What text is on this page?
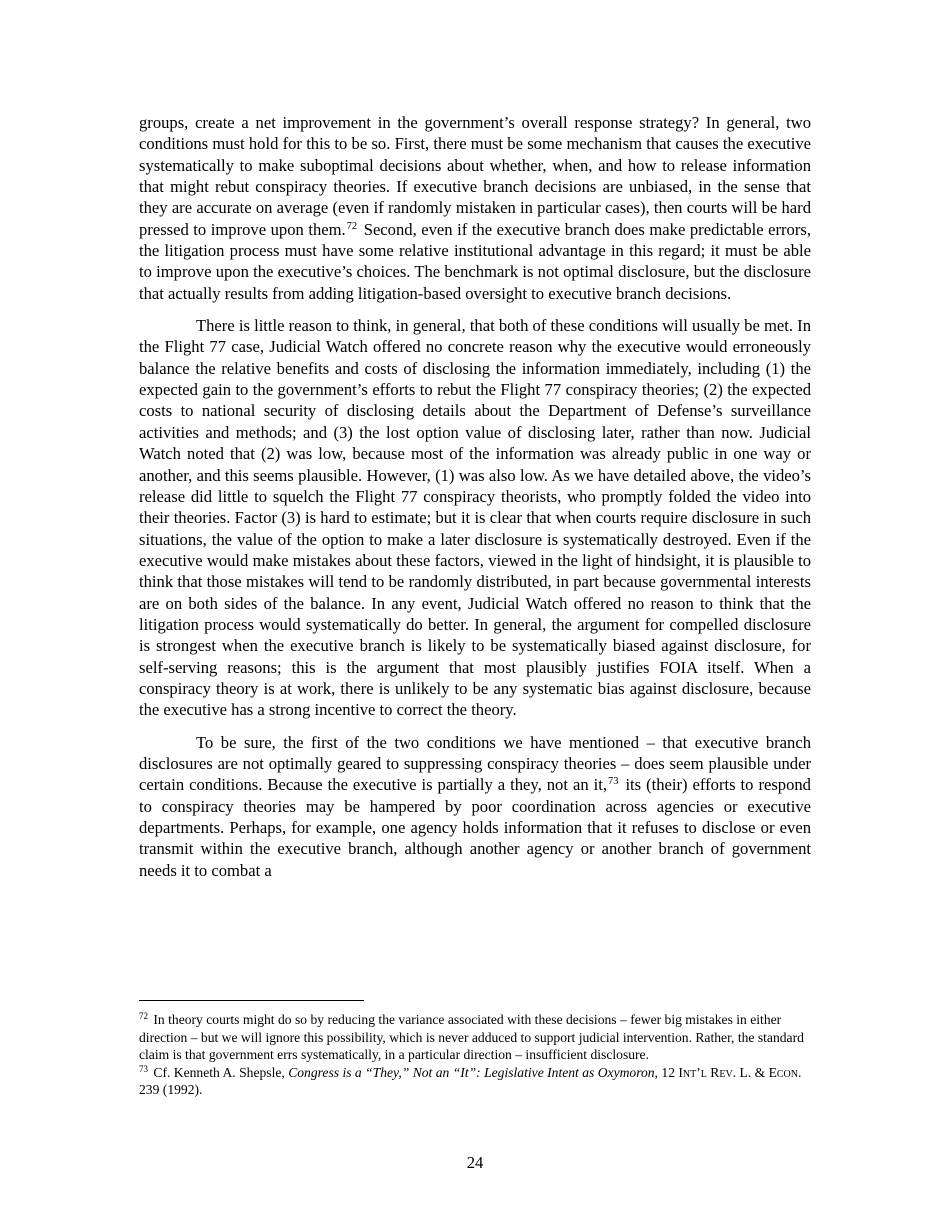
groups, create a net improvement in the government’s overall response strategy? In general, two conditions must hold for this to be so. First, there must be some mechanism that causes the executive systematically to make suboptimal decisions about whether, when, and how to release information that might rebut conspiracy theories. If executive branch decisions are unbiased, in the sense that they are accurate on average (even if randomly mistaken in particular cases), then courts will be hard pressed to improve upon them.$^{72}$ Second, even if the executive branch does make predictable errors, the litigation process must have some relative institutional advantage in this regard; it must be able to improve upon the executive’s choices. The benchmark is not optimal disclosure, but the disclosure that actually results from adding litigation-based oversight to executive branch decisions.

There is little reason to think, in general, that both of these conditions will usually be met. In the Flight 77 case, Judicial Watch offered no concrete reason why the executive would erroneously balance the relative benefits and costs of disclosing the information immediately, including (1) the expected gain to the government’s efforts to rebut the Flight 77 conspiracy theories; (2) the expected costs to national security of disclosing details about the Department of Defense’s surveillance activities and methods; and (3) the lost option value of disclosing later, rather than now. Judicial Watch noted that (2) was low, because most of the information was already public in one way or another, and this seems plausible. However, (1) was also low. As we have detailed above, the video’s release did little to squelch the Flight 77 conspiracy theorists, who promptly folded the video into their theories. Factor (3) is hard to estimate; but it is clear that when courts require disclosure in such situations, the value of the option to make a later disclosure is systematically destroyed. Even if the executive would make mistakes about these factors, viewed in the light of hindsight, it is plausible to think that those mistakes will tend to be randomly distributed, in part because governmental interests are on both sides of the balance. In any event, Judicial Watch offered no reason to think that the litigation process would systematically do better. In general, the argument for compelled disclosure is strongest when the executive branch is likely to be systematically biased against disclosure, for self-serving reasons; this is the argument that most plausibly justifies FOIA itself. When a conspiracy theory is at work, there is unlikely to be any systematic bias against disclosure, because the executive has a strong incentive to correct the theory.

To be sure, the first of the two conditions we have mentioned – that executive branch disclosures are not optimally geared to suppressing conspiracy theories – does seem plausible under certain conditions. Because the executive is partially a they, not an it,$^{73}$ its (their) efforts to respond to conspiracy theories may be hampered by poor coordination across agencies or executive departments. Perhaps, for example, one agency holds information that it refuses to disclose or even transmit within the executive branch, although another agency or another branch of government needs it to combat a

$^{72}$ In theory courts might do so by reducing the variance associated with these decisions – fewer big mistakes in either direction – but we will ignore this possibility, which is never adduced to support judicial intervention. Rather, the standard claim is that government errs systematically, in a particular direction – insufficient disclosure.

$^{73}$ Cf. Kenneth A. Shepsle, Congress is a “They,” Not an “It”: Legislative Intent as Oxymoron, 12 Int’l Rev. L. & Econ. 239 (1992).

24
